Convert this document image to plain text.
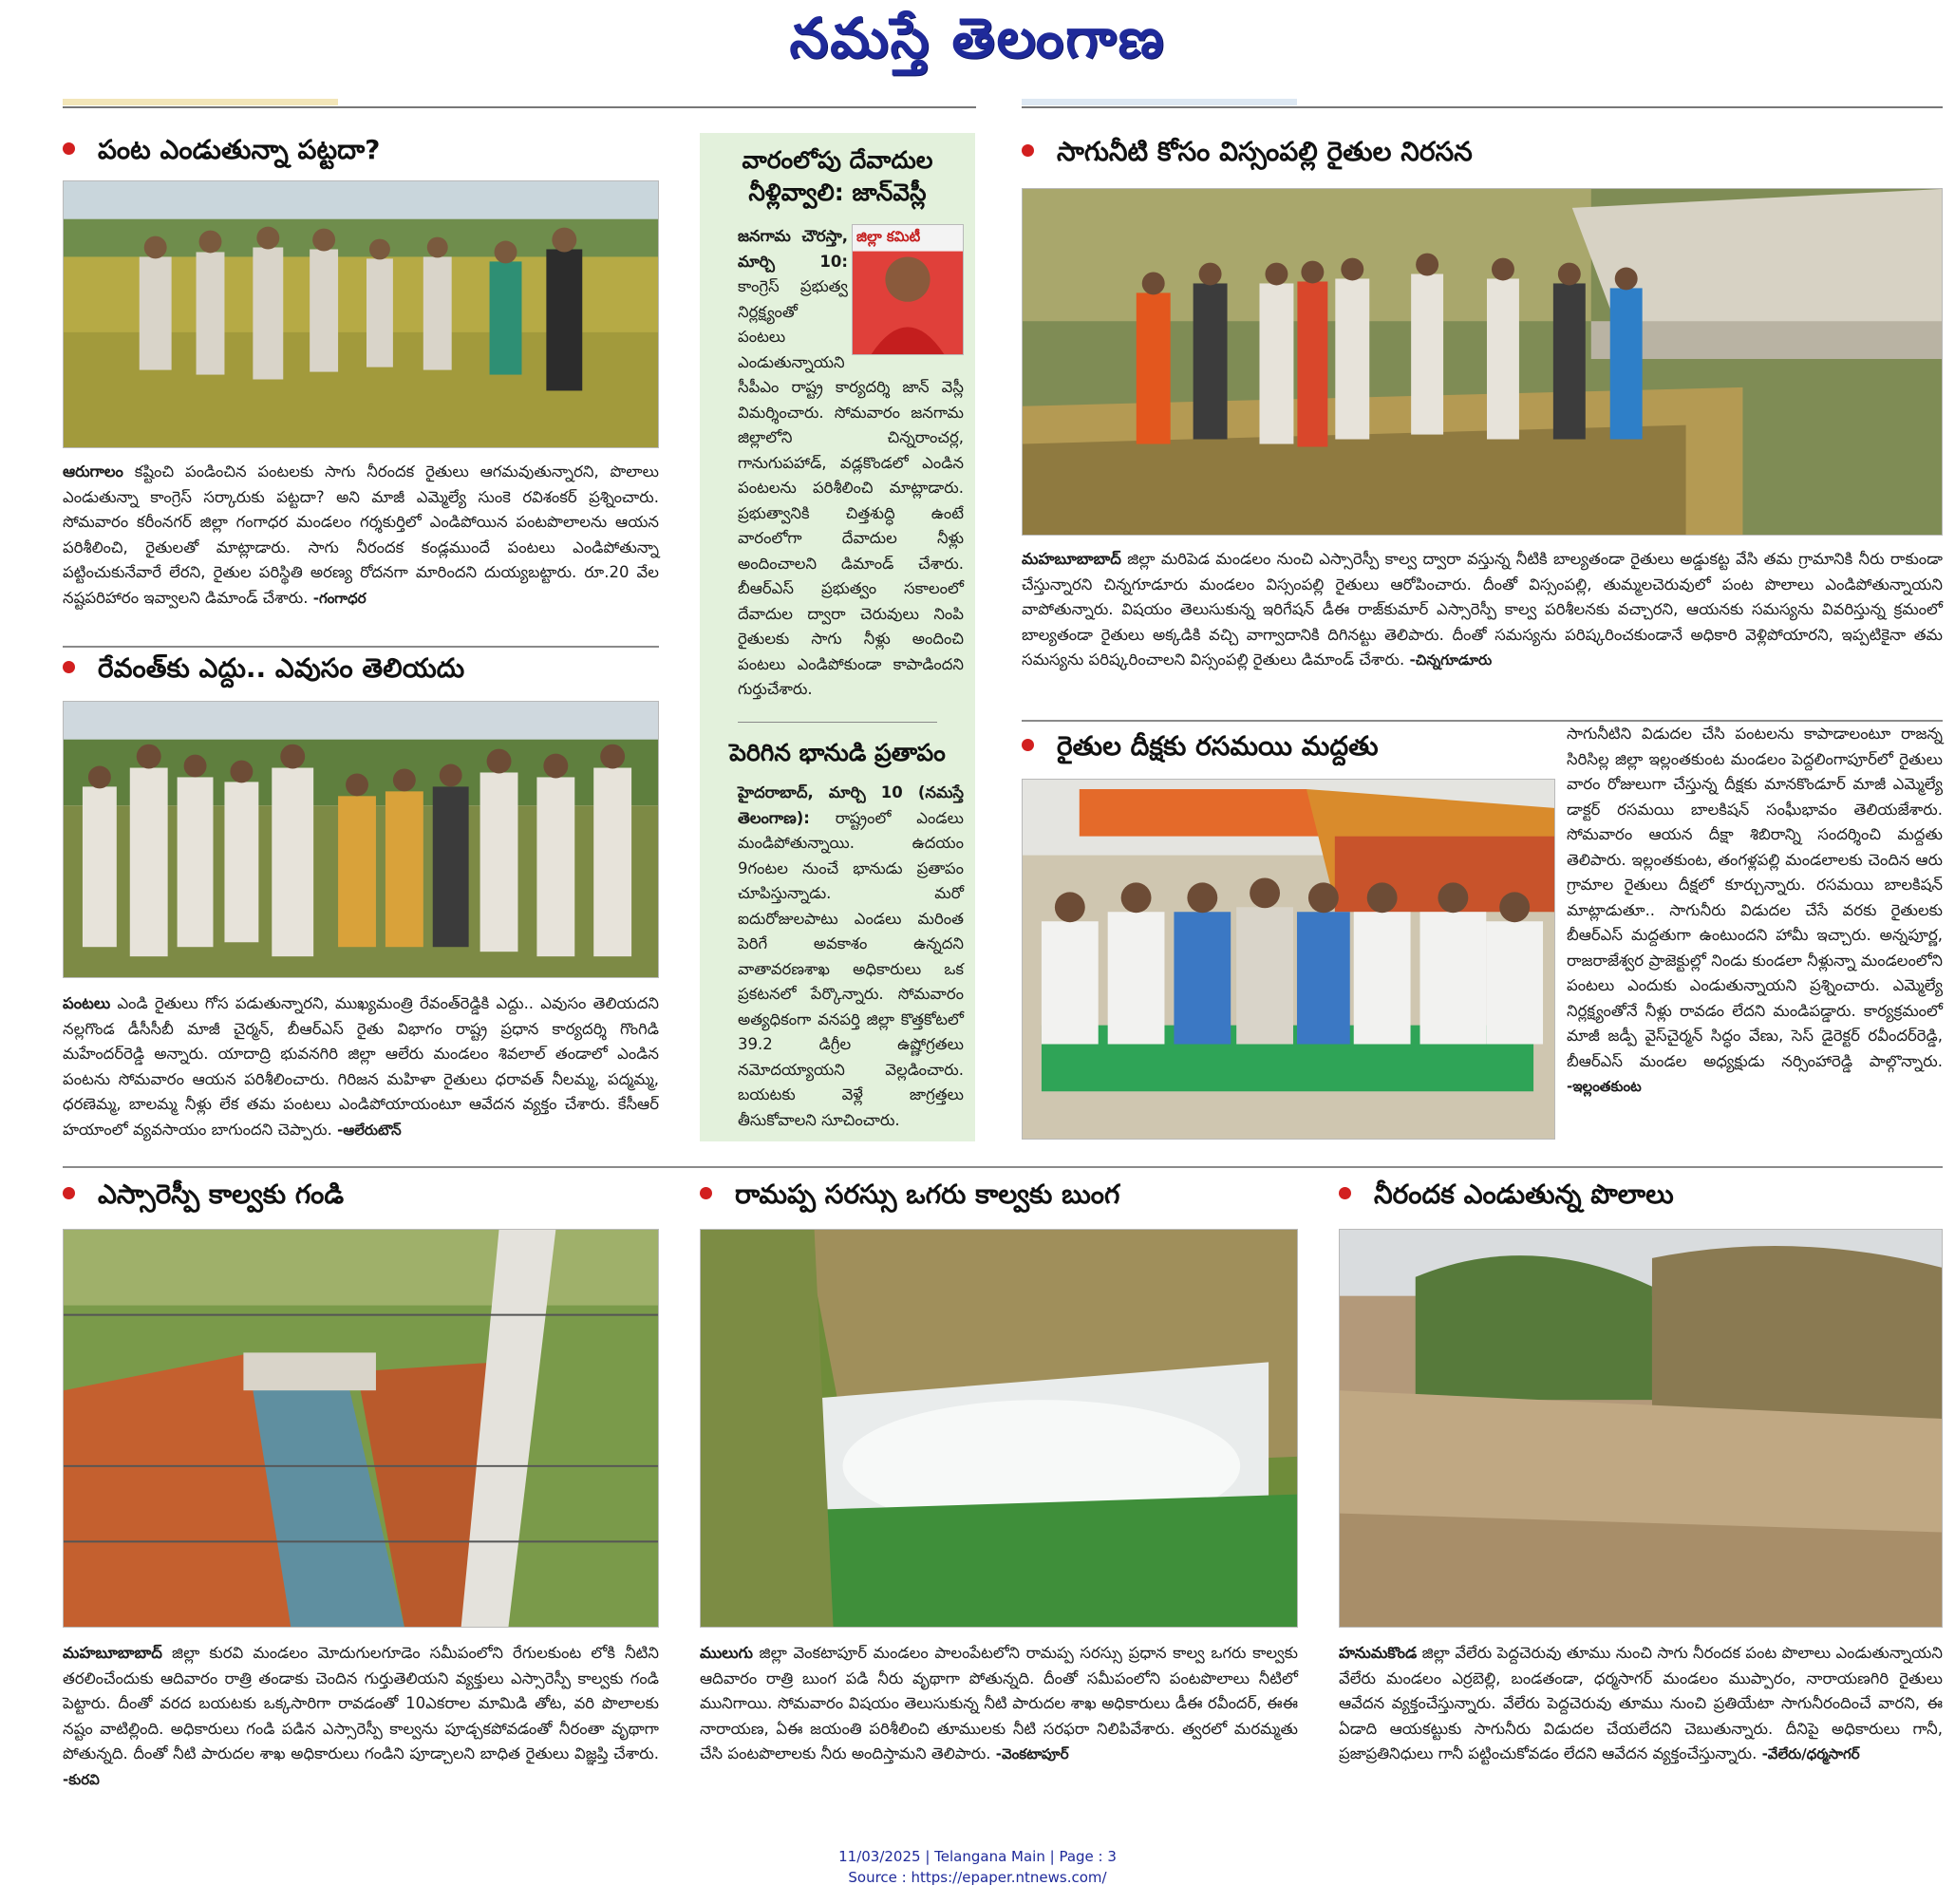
నమస్తే తెలంగాణ
పంట ఎండుతున్నా పట్టదా?
ఆరుగాలం కష్టించి పండించిన పంటలకు సాగు నీరందక రైతులు ఆగమవుతున్నారని, పొలాలు ఎండుతున్నా కాంగ్రెస్ సర్కారుకు పట్టదా? అని మాజీ ఎమ్మెల్యే సుంకె రవిశంకర్ ప్రశ్నించారు. సోమవారం కరీంనగర్ జిల్లా గంగాధర మండలం గర్శకుర్తిలో ఎండిపోయిన పంటపొలాలను ఆయన పరిశీలించి, రైతులతో మాట్లాడారు. సాగు నీరందక కండ్లముందే పంటలు ఎండిపోతున్నా పట్టించుకునేవారే లేరని, రైతుల పరిస్థితి అరణ్య రోదనగా మారిందని దుయ్యబట్టారు. రూ.20 వేల నష్టపరిహారం ఇవ్వాలని డిమాండ్ చేశారు. -గంగాధర
రేవంత్‌కు ఎద్దు.. ఎవుసం తెలియదు
పంటలు ఎండి రైతులు గోస పడుతున్నారని, ముఖ్యమంత్రి రేవంత్‌రెడ్డికి ఎద్దు.. ఎవుసం తెలియదని నల్లగొండ డీసీసీబీ మాజీ చైర్మన్, బీఆర్‌ఎస్ రైతు విభాగం రాష్ట్ర ప్రధాన కార్యదర్శి గొంగిడి మహేందర్‌రెడ్డి అన్నారు. యాదాద్రి భువనగిరి జిల్లా ఆలేరు మండలం శివలాల్ తండాలో ఎండిన పంటను సోమవారం ఆయన పరిశీలించారు. గిరిజన మహిళా రైతులు ధరావత్ నీలమ్మ, పద్మమ్మ, ధరణెమ్మ, బాలమ్మ నీళ్లు లేక తమ పంటలు ఎండిపోయాయంటూ ఆవేదన వ్యక్తం చేశారు. కేసీఆర్ హయాంలో వ్యవసాయం బాగుందని చెప్పారు. -ఆలేరుటౌన్
వారంలోపు దేవాదుల నీళ్లివ్వాలి: జాన్‌వెస్లీ
జిల్లా కమిటీ
జనగామ చౌరస్తా, మార్చి 10: కాంగ్రెస్ ప్రభుత్వ నిర్లక్ష్యంతో పంటలు ఎండుతున్నాయని సీపీఎం రాష్ట్ర కార్యదర్శి జాన్ వెస్లీ విమర్శించారు. సోమవారం జనగామ జిల్లాలోని చిన్నరాంచర్ల, గానుగుపహాడ్, వడ్లకొండలో ఎండిన పంటలను పరిశీలించి మాట్లాడారు. ప్రభుత్వానికి చిత్తశుద్ధి ఉంటే వారంలోగా దేవాదుల నీళ్లు అందించాలని డిమాండ్ చేశారు. బీఆర్‌ఎస్ ప్రభుత్వం సకాలంలో దేవాదుల ద్వారా చెరువులు నింపి రైతులకు సాగు నీళ్లు అందించి పంటలు ఎండిపోకుండా కాపాడిందని గుర్తుచేశారు.
పెరిగిన భానుడి ప్రతాపం
హైదరాబాద్, మార్చి 10 (నమస్తే తెలంగాణ): రాష్ట్రంలో ఎండలు మండిపోతున్నాయి. ఉదయం 9గంటల నుంచే భానుడు ప్రతాపం చూపిస్తున్నాడు. మరో ఐదురోజులపాటు ఎండలు మరింత పెరిగే అవకాశం ఉన్నదని వాతావరణశాఖ అధికారులు ఒక ప్రకటనలో పేర్కొన్నారు. సోమవారం అత్యధికంగా వనపర్తి జిల్లా కొత్తకోటలో 39.2 డిగ్రీల ఉష్ణోగ్రతలు నమోదయ్యాయని వెల్లడించారు. బయటకు వెళ్లే జాగ్రత్తలు తీసుకోవాలని సూచించారు.
సాగునీటి కోసం విస్సంపల్లి రైతుల నిరసన
మహబూబాబాద్ జిల్లా మరిపెడ మండలం నుంచి ఎస్సారెస్పీ కాల్వ ద్వారా వస్తున్న నీటికి బాల్యతండా రైతులు అడ్డుకట్ట వేసి తమ గ్రామానికి నీరు రాకుండా చేస్తున్నారని చిన్నగూడూరు మండలం విస్సంపల్లి రైతులు ఆరోపించారు. దీంతో విస్సంపల్లి, తుమ్మలచెరువులో పంట పొలాలు ఎండిపోతున్నాయని వాపోతున్నారు. విషయం తెలుసుకున్న ఇరిగేషన్ డీఈ రాజ్‌కుమార్ ఎస్సారెస్పీ కాల్వ పరిశీలనకు వచ్చారని, ఆయనకు సమస్యను వివరిస్తున్న క్రమంలో బాల్యతండా రైతులు అక్కడికి వచ్చి వాగ్వాదానికి దిగినట్టు తెలిపారు. దీంతో సమస్యను పరిష్కరించకుండానే అధికారి వెళ్లిపోయారని, ఇప్పటికైనా తమ సమస్యను పరిష్కరించాలని విస్సంపల్లి రైతులు డిమాండ్ చేశారు. -చిన్నగూడూరు
రైతుల దీక్షకు రసమయి మద్దతు	సాగునీటిని విడుదల చేసి పంటలను కాపాడాలంటూ రాజన్న సిరిసిల్ల జిల్లా ఇల్లంతకుంట మండలం పెద్దలింగాపూర్‌లో రైతులు వారం రోజులుగా చేస్తున్న దీక్షకు మానకొండూర్ మాజీ ఎమ్మెల్యే డాక్టర్ రసమయి బాలకిషన్ సంఘీభావం తెలియజేశారు. సోమవారం ఆయన దీక్షా శిబిరాన్ని సందర్శించి మద్దతు తెలిపారు. ఇల్లంతకుంట, తంగళ్లపల్లి మండలాలకు చెందిన ఆరు గ్రామాల రైతులు దీక్షలో కూర్చున్నారు. రసమయి బాలకిషన్ మాట్లాడుతూ.. సాగునీరు విడుదల చేసే వరకు రైతులకు బీఆర్‌ఎస్ మద్దతుగా ఉంటుందని హామీ ఇచ్చారు. అన్నపూర్ణ, రాజరాజేశ్వర ప్రాజెక్టుల్లో నిండు కుండలా నీళ్లున్నా మండలంలోని పంటలు ఎందుకు ఎండుతున్నాయని ప్రశ్నించారు. ఎమ్మెల్యే నిర్లక్ష్యంతోనే నీళ్లు రావడం లేదని మండిపడ్డారు. కార్యక్రమంలో మాజీ జడ్పీ వైస్‌చైర్మన్ సిద్ధం వేణు, సెస్ డైరెక్టర్ రవీందర్‌రెడ్డి, బీఆర్‌ఎస్ మండల అధ్యక్షుడు నర్సింహారెడ్డి పాల్గొన్నారు. -ఇల్లంతకుంట
ఎస్సారెస్పీ కాల్వకు గండి
మహబూబాబాద్ జిల్లా కురవి మండలం మోదుగులగూడెం సమీపంలోని రేగులకుంట లోకి నీటిని తరలించేందుకు ఆదివారం రాత్రి తండాకు చెందిన గుర్తుతెలియని వ్యక్తులు ఎస్సారెస్పీ కాల్వకు గండి పెట్టారు. దీంతో వరద బయటకు ఒక్కసారిగా రావడంతో 10ఎకరాల మామిడి తోట, వరి పొలాలకు నష్టం వాటిల్లింది. అధికారులు గండి పడిన ఎస్సారెస్పీ కాల్వను పూడ్చకపోవడంతో నీరంతా వృథాగా పోతున్నది. దీంతో నీటి పారుదల శాఖ అధికారులు గండిని పూడ్చాలని బాధిత రైతులు విజ్ఞప్తి చేశారు. -కురవి
రామప్ప సరస్సు ఒగరు కాల్వకు బుంగ
ములుగు జిల్లా వెంకటాపూర్ మండలం పాలంపేటలోని రామప్ప సరస్సు ప్రధాన కాల్వ ఒగరు కాల్వకు ఆదివారం రాత్రి బుంగ పడి నీరు వృథాగా పోతున్నది. దీంతో సమీపంలోని పంటపొలాలు నీటిలో మునిగాయి. సోమవారం విషయం తెలుసుకున్న నీటి పారుదల శాఖ అధికారులు డీఈ రవీందర్, ఈఈ నారాయణ, ఏఈ జయంతి పరిశీలించి తూములకు నీటి సరఫరా నిలిపివేశారు. త్వరలో మరమ్మతు చేసి పంటపొలాలకు నీరు అందిస్తామని తెలిపారు. -వెంకటాపూర్
నీరందక ఎండుతున్న పొలాలు
హనుమకొండ జిల్లా వేలేరు పెద్దచెరువు తూము నుంచి సాగు నీరందక పంట పొలాలు ఎండుతున్నాయని వేలేరు మండలం ఎర్రబెల్లి, బండతండా, ధర్మసాగర్ మండలం ముప్పారం, నారాయణగిరి రైతులు ఆవేదన వ్యక్తంచేస్తున్నారు. వేలేరు పెద్దచెరువు తూము నుంచి ప్రతియేటా సాగునీరందించే వారని, ఈ ఏడాది ఆయకట్టుకు సాగునీరు విడుదల చేయలేదని చెబుతున్నారు. దీనిపై అధికారులు గానీ, ప్రజాప్రతినిధులు గానీ పట్టించుకోవడం లేదని ఆవేదన వ్యక్తంచేస్తున్నారు. -వేలేరు/ధర్మసాగర్
11/03/2025 | Telangana Main | Page : 3
Source : https://epaper.ntnews.com/
